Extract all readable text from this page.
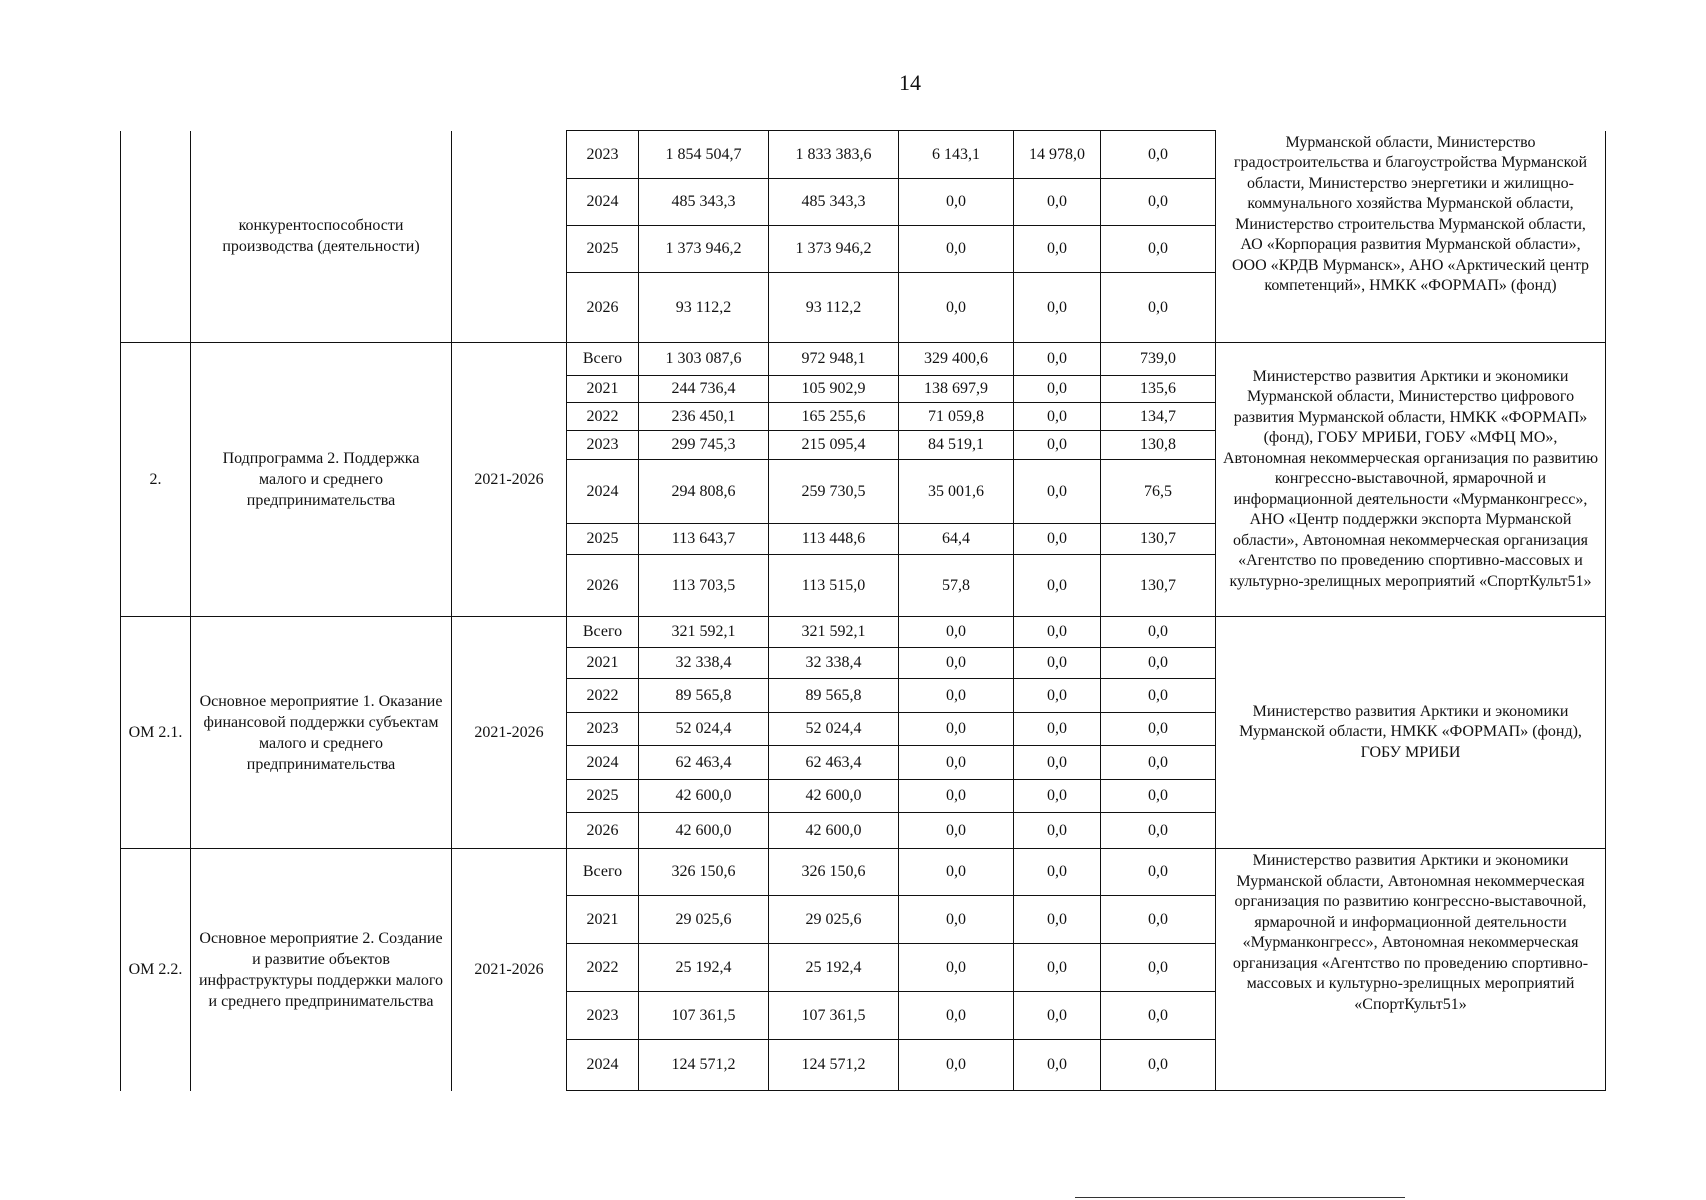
14
	конкурентоспособности производства (деятельности)		2023	1 854 504,7	1 833 383,6	6 143,1	14 978,0	0,0	Мурманской области, Министерство градостроительства и благоустройства Мурманской области, Министерство энергетики и жилищно-коммунального хозяйства Мурманской области, Министерство строительства Мурманской области, АО «Корпорация развития Мурманской области», ООО «КРДВ Мурманск», АНО «Арктический центр компетенций», НМКК «ФОРМАП» (фонд)
			2024	485 343,3	485 343,3	0,0	0,0	0,0	
			2025	1 373 946,2	1 373 946,2	0,0	0,0	0,0	
			2026	93 112,2	93 112,2	0,0	0,0	0,0	
2.	Подпрограмма 2. Поддержка малого и среднего предпринимательства	2021-2026	Всего	1 303 087,6	972 948,1	329 400,6	0,0	739,0	Министерство развития Арктики и экономики Мурманской области, Министерство цифрового развития Мурманской области, НМКК «ФОРМАП» (фонд), ГОБУ МРИБИ, ГОБУ «МФЦ МО», Автономная некоммерческая организация по развитию конгрессно-выставочной, ярмарочной и информационной деятельности «Мурманконгресс», АНО «Центр поддержки экспорта Мурманской области», Автономная некоммерческая организация «Агентство по проведению спортивно-массовых и культурно-зрелищных мероприятий «СпортКульт51»
			2021	244 736,4	105 902,9	138 697,9	0,0	135,6	
			2022	236 450,1	165 255,6	71 059,8	0,0	134,7	
			2023	299 745,3	215 095,4	84 519,1	0,0	130,8	
			2024	294 808,6	259 730,5	35 001,6	0,0	76,5	
			2025	113 643,7	113 448,6	64,4	0,0	130,7	
			2026	113 703,5	113 515,0	57,8	0,0	130,7	
ОМ 2.1.	Основное мероприятие 1. Оказание финансовой поддержки субъектам малого и среднего предпринимательства	2021-2026	Всего	321 592,1	321 592,1	0,0	0,0	0,0	Министерство развития Арктики и экономики Мурманской области, НМКК «ФОРМАП» (фонд), ГОБУ МРИБИ
			2021	32 338,4	32 338,4	0,0	0,0	0,0	
			2022	89 565,8	89 565,8	0,0	0,0	0,0	
			2023	52 024,4	52 024,4	0,0	0,0	0,0	
			2024	62 463,4	62 463,4	0,0	0,0	0,0	
			2025	42 600,0	42 600,0	0,0	0,0	0,0	
			2026	42 600,0	42 600,0	0,0	0,0	0,0	
ОМ 2.2.	Основное мероприятие 2. Создание и развитие объектов инфраструктуры поддержки малого и среднего предпринимательства	2021-2026	Всего	326 150,6	326 150,6	0,0	0,0	0,0	Министерство развития Арктики и экономики Мурманской области, Автономная некоммерческая организация по развитию конгрессно-выставочной, ярмарочной и информационной деятельности «Мурманконгресс», Автономная некоммерческая организация «Агентство по проведению спортивно-массовых и культурно-зрелищных мероприятий «СпортКульт51»
			2021	29 025,6	29 025,6	0,0	0,0	0,0	
			2022	25 192,4	25 192,4	0,0	0,0	0,0	
			2023	107 361,5	107 361,5	0,0	0,0	0,0	
			2024	124 571,2	124 571,2	0,0	0,0	0,0	
